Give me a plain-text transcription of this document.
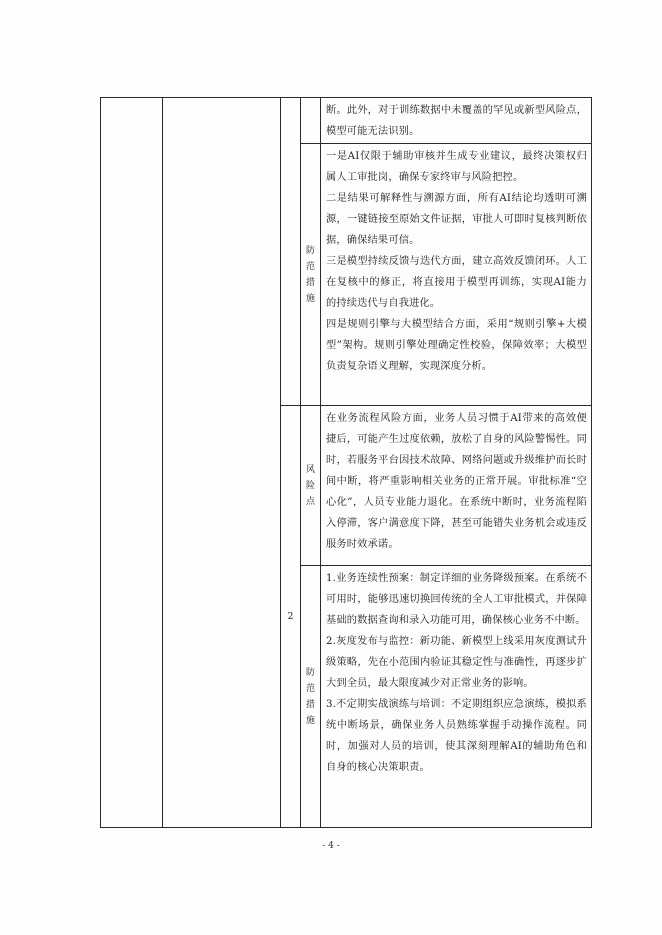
				断。此外，对于训练数据中未覆盖的罕见或新型风险点，模型可能无法识别。

			防范措施	一是AI仅限于辅助审核并生成专业建议，最终决策权归属人工审批岗，确保专家终审与风险把控。

二是结果可解释性与溯源方面，所有AI结论均透明可溯源，一键链接至原始文件证据，审批人可即时复核判断依据，确保结果可信。

三是模型持续反馈与迭代方面，建立高效反馈闭环。人工在复核中的修正，将直接用于模型再训练，实现AI能力的持续迭代与自我进化。

四是规则引擎与大模型结合方面，采用“规则引擎+大模型”架构。规则引擎处理确定性校验，保障效率；大模型负责复杂语义理解，实现深度分析。

		2	风险点	在业务流程风险方面，业务人员习惯于AI带来的高效便捷后，可能产生过度依赖，放松了自身的风险警惕性。同时，若服务平台因技术故障、网络问题或升级维护而长时间中断，将严重影响相关业务的正常开展。审批标准“空心化”，人员专业能力退化。在系统中断时，业务流程陷入停滞，客户满意度下降，甚至可能错失业务机会或违反服务时效承诺。

			防范措施	1.业务连续性预案：制定详细的业务降级预案。在系统不可用时，能够迅速切换回传统的全人工审批模式，并保障基础的数据查询和录入功能可用，确保核心业务不中断。

2.灰度发布与监控：新功能、新模型上线采用灰度测试升级策略，先在小范围内验证其稳定性与准确性，再逐步扩大到全员，最大限度减少对正常业务的影响。

3.不定期实战演练与培训：不定期组织应急演练，模拟系统中断场景，确保业务人员熟练掌握手动操作流程。同时，加强对人员的培训，使其深刻理解AI的辅助角色和自身的核心决策职责。

- 4 -
